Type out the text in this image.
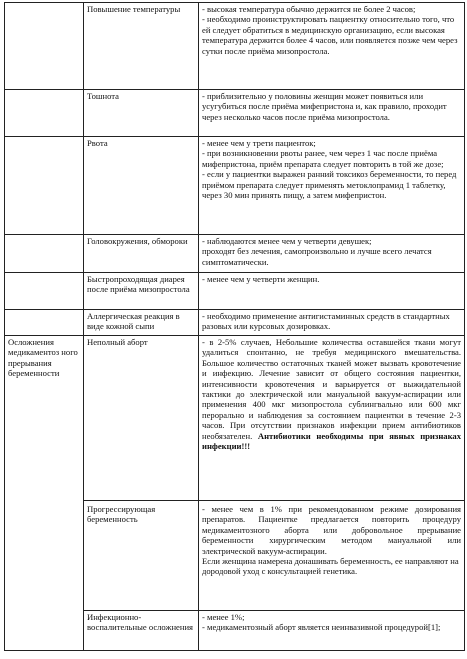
	Повышение температуры	- высокая температура обычно держится не более 2 часов;
- необходимо проинструктировать пациентку относительно того, что ей следует обратиться в медицинскую организацию, если высокая температура держится более 4 часов, или появляется позже чем через сутки после приёма мизопростола.

	Тошнота	- приблизительно у половины женщин может появиться или усугубиться после приёма мифепристона и, как правило, проходит через несколько часов после приёма мизопростола.

	Рвота	- менее чем у трети пациенток;
- при возникновении рвоты ранее, чем через 1 час после приёма мифепристона, приём препарата следует повторить в той же дозе;
- если у пациентки выражен ранний токсикоз беременности, то перед приёмом препарата следует применять метоклопрамид 1 таблетку, через 30 мин принять пищу, а затем мифепристон.

	Головокружения, обмороки	- наблюдаются менее чем у четверти девушек;
проходят без лечения, самопроизвольно и лучше всего лечатся симптоматически.

	Быстропроходящая диарея после приёма мизопростола	- менее чем у четверти женщин.

	Аллергическая реакция в виде кожной сыпи	- необходимо применение антигистаминных средств в стандартных разовых или курсовых дозировках.

Осложнения медикаментоз ного прерывания беременности	Неполный аборт	- в 2-5% случаев, Небольшие количества оставшейся ткани могут удалиться спонтанно, не требуя медицинского вмешательства. Большое количество остаточных тканей может вызвать кровотечение и инфекцию. Лечение зависит от общего состояния пациентки, интенсивности кровотечения и варьируется от выжидательной тактики до электрической или мануальной вакуум-аспирации или применения 400 мкг мизопростола сублингвально или 600 мкг перорально и наблюдения за состоянием пациентки в течение 2-3 часов. При отсутствии признаков инфекции прием антибиотиков необязателен. Антибиотики необходимы при явных признаках инфекции!!!
	Прогрессирующая беременность	- менее чем в 1% при рекомендованном режиме дозирования препаратов. Пациентке предлагается повторить процедуру медикаментозного аборта или добровольное прерывание беременности хирургическим методом мануальной или электрической вакуум-аспирации.
Если женщина намерена донашивать беременность, ее направляют на дородовой уход с консультацией генетика.

	Инфекционно-воспалительные осложнения	- менее 1%;
- медикаментозный аборт является неинвазивной процедурой[1];
